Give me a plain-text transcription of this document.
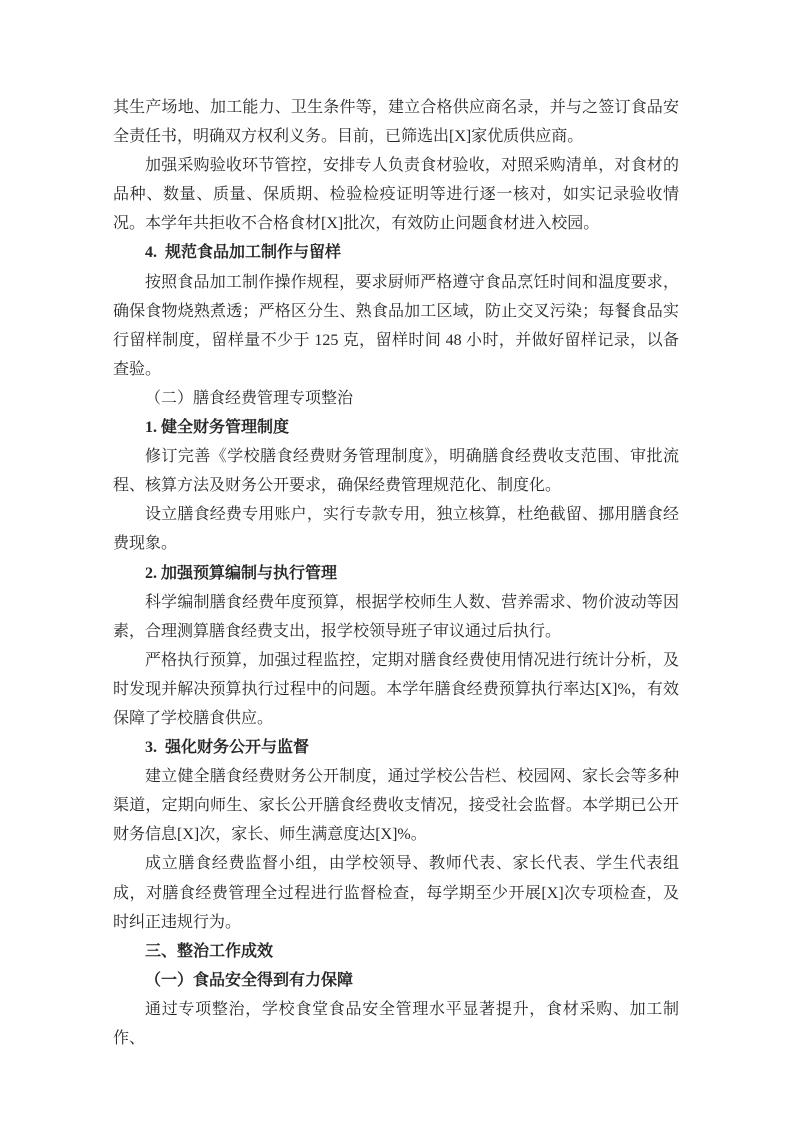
其生产场地、加工能力、卫生条件等，建立合格供应商名录，并与之签订食品安全责任书，明确双方权利义务。目前，已筛选出[X]家优质供应商。

加强采购验收环节管控，安排专人负责食材验收，对照采购清单，对食材的品种、数量、质量、保质期、检验检疫证明等进行逐一核对，如实记录验收情况。本学年共拒收不合格食材[X]批次，有效防止问题食材进入校园。

4.  规范食品加工制作与留样

按照食品加工制作操作规程，要求厨师严格遵守食品烹饪时间和温度要求，确保食物烧熟煮透；严格区分生、熟食品加工区域，防止交叉污染；每餐食品实行留样制度，留样量不少于 125 克，留样时间 48 小时，并做好留样记录，以备查验。

（二）膳食经费管理专项整治

1. 健全财务管理制度

修订完善《学校膳食经费财务管理制度》，明确膳食经费收支范围、审批流程、核算方法及财务公开要求，确保经费管理规范化、制度化。

设立膳食经费专用账户，实行专款专用，独立核算，杜绝截留、挪用膳食经费现象。

2. 加强预算编制与执行管理

科学编制膳食经费年度预算，根据学校师生人数、营养需求、物价波动等因素，合理测算膳食经费支出，报学校领导班子审议通过后执行。

严格执行预算，加强过程监控，定期对膳食经费使用情况进行统计分析，及时发现并解决预算执行过程中的问题。本学年膳食经费预算执行率达[X]%，有效保障了学校膳食供应。

3.  强化财务公开与监督

建立健全膳食经费财务公开制度，通过学校公告栏、校园网、家长会等多种渠道，定期向师生、家长公开膳食经费收支情况，接受社会监督。本学期已公开财务信息[X]次，家长、师生满意度达[X]%。

成立膳食经费监督小组，由学校领导、教师代表、家长代表、学生代表组成，对膳食经费管理全过程进行监督检查，每学期至少开展[X]次专项检查，及时纠正违规行为。

三、整治工作成效

（一）食品安全得到有力保障

通过专项整治，学校食堂食品安全管理水平显著提升，食材采购、加工制作、
